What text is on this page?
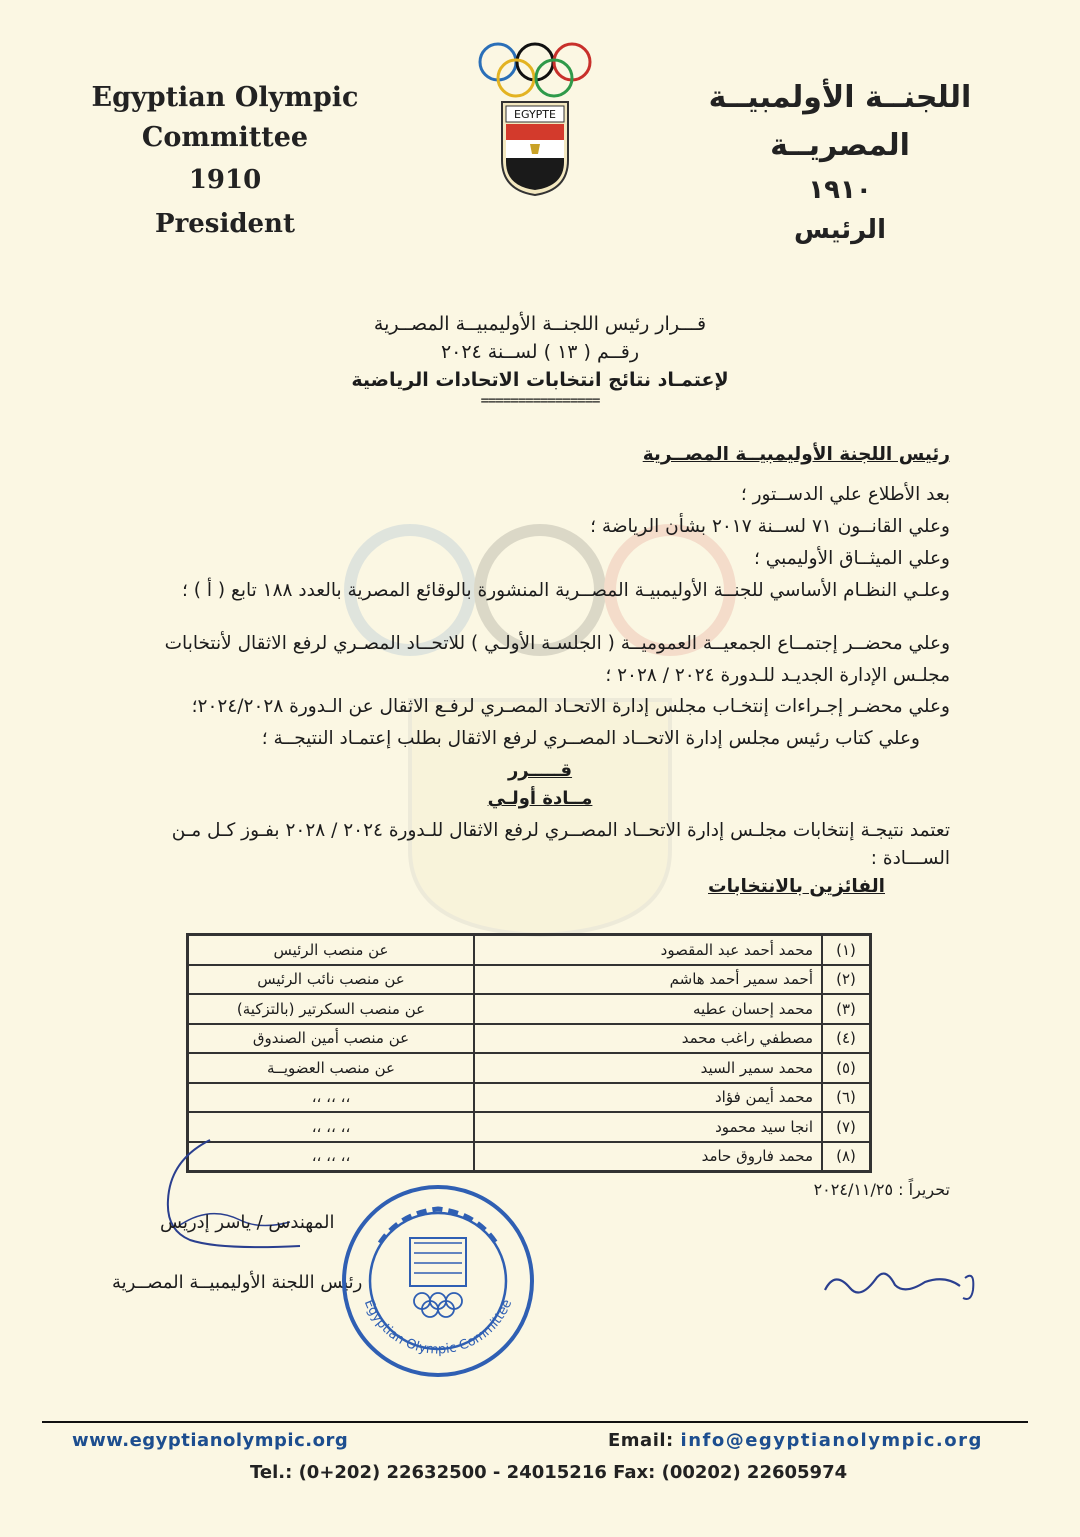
Egyptian Olympic Committee
1910
President
EGYPTE	اللجنــة الأولمبيــة المصريــة
١٩١٠
الرئيس
قـــرار رئيس اللجنــة الأوليمبيــة المصــرية
رقــم ( ١٣ ) لســنة ٢٠٢٤
لإعتمـاد نتائج انتخابات الاتحادات الرياضية
================
رئيس اللجنة الأوليمبيــة المصــرية
بعد الأطلاع علي الدســتور ؛
وعلي القانــون ٧١ لســنة ٢٠١٧ بشأن الرياضة ؛
وعلي الميثــاق الأوليمبي ؛
وعلـي النظـام الأساسي للجنــة الأوليمبيـة المصــرية المنشورة بالوقائع المصرية بالعدد ١٨٨ تابع ( أ ) ؛
وعلي محضــر إجتمــاع الجمعيــة العموميــة ( الجلسـة الأولـي ) للاتحــاد المصـري لرفع الاثقال لأنتخابات مجلـس الإدارة الجديـد للـدورة ٢٠٢٤ / ٢٠٢٨ ؛
وعلي محضـر إجـراءات إنتخـاب مجلس إدارة الاتحـاد المصـري لرفـع الاثقال عن الـدورة ٢٠٢٤/٢٠٢٨؛
وعلي كتاب رئيس مجلس إدارة الاتحــاد المصــري لرفع الاثقال بطلب إعتمـاد النتيجــة ؛
قـــــرر
مــادة أولـي
تعتمد نتيجـة إنتخابات مجلـس إدارة الاتحــاد المصــري لرفع الاثقال للـدورة ٢٠٢٤ / ٢٠٢٨ بفـوز كـل مـن الســـادة :
الفائزين بالانتخابات
(١)	محمد أحمد عبد المقصود	عن منصب الرئيس
(٢)	أحمد سمير أحمد هاشم	عن منصب نائب الرئيس
(٣)	محمد إحسان عطيه	عن منصب السكرتير (بالتزكية)
(٤)	مصطفي راغب محمد	عن منصب أمين الصندوق
(٥)	محمد سمير السيد	عن منصب العضويــة
(٦)	محمد أيمن فؤاد	،، ،، ،،
(٧)	انجا سيد محمود	،، ،، ،،
(٨)	محمد فاروق حامد	،، ،، ،،
تحريراً : ٢٠٢٤/١١/٢٥
المهندس / ياسر إدريس
رئيس اللجنة الأوليمبيــة المصــرية
Egyptian Olympic Committee
www.egyptianolympic.org	Email: info@egyptianolympic.org
Tel.: (0+202) 22632500 - 24015216 Fax: (00202) 22605974
